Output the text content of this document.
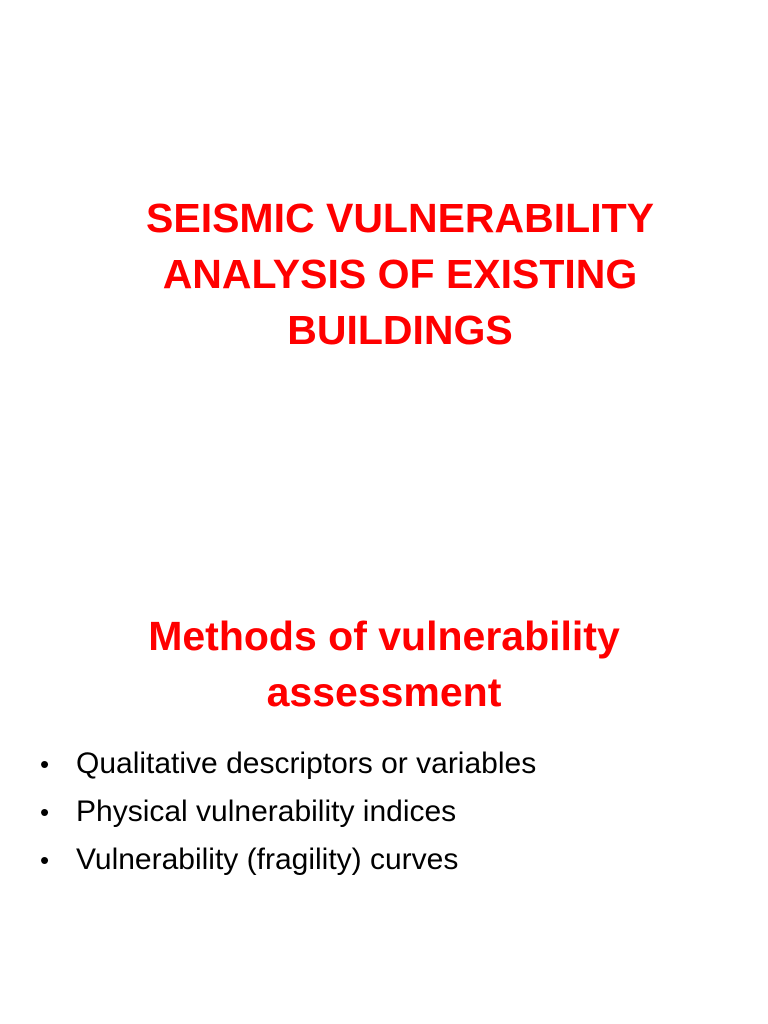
SEISMIC VULNERABILITY
ANALYSIS OF EXISTING
BUILDINGS
Methods of vulnerability
assessment
• Qualitative descriptors or variables
• Physical vulnerability indices
• Vulnerability (fragility) curves
